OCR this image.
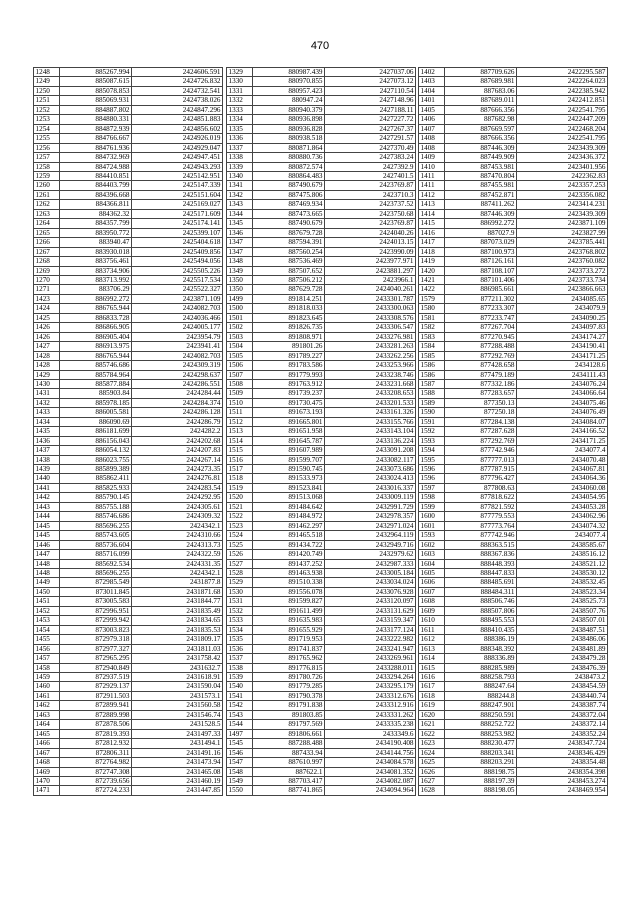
470
1248	885267.994	2424606.591
1249	885087.615	2424726.832
1250	885078.853	2424732.541
1251	885069.931	2424738.026
1252	884887.802	2424847.296
1253	884880.331	2424851.883
1254	884872.939	2424856.602
1255	884766.667	2424926.019
1256	884761.936	2424929.047
1257	884732.969	2424947.451
1258	884724.988	2424943.293
1259	884410.851	2425142.951
1260	884403.799	2425147.339
1261	884396.668	2425151.604
1262	884366.811	2425169.027
1263	884362.32	2425171.609
1264	884357.799	2425174.141
1265	883950.772	2425399.107
1266	883940.47	2425404.618
1267	883930.018	2425409.856
1268	883756.461	2425494.056
1269	883734.906	2425505.226
1270	883713.992	2425517.534
1271	883706.29	2425522.327
1423	886992.272	2423871.109
1424	886765.944	2424082.703
1425	886833.728	2424036.466
1426	886866.905	2424005.177
1426	886905.404	2423954.79
1427	886913.975	2423941.41
1428	886765.944	2424082.703
1428	885746.686	2424309.319
1429	885784.964	2424298.637
1430	885877.884	2424286.551
1431	885903.84	2424284.44
1432	885978.185	2424284.374
1433	886005.581	2424286.128
1434	886090.69	2424286.79
1435	886181.699	2424282.2
1436	886156.043	2424202.68
1437	886054.132	2424207.83
1438	886023.755	2424267.14
1439	885899.389	2424273.35
1440	885862.411	2424276.81
1441	885825.933	2424283.54
1442	885790.145	2424292.95
1443	885755.188	2424305.61
1444	885746.686	2424309.32
1445	885696.255	2424342.1
1445	885743.605	2424310.66
1446	885736.604	2424313.73
1447	885716.099	2424322.59
1448	885692.534	2424331.35
1448	885696.255	2424342.1
1449	872985.549	2431877.8
1450	873011.845	2431871.68
1451	873005.583	2431844.77
1452	872996.951	2431835.49
1453	872999.942	2431834.65
1454	873003.823	2431835.53
1455	872979.318	2431809.17
1456	872977.327	2431811.03
1457	872965.295	2431758.42
1458	872940.849	2431632.7
1459	872937.519	2431618.91
1460	872929.137	2431590.04
1461	872911.503	2431573.1
1462	872899.941	2431560.58
1463	872889.998	2431546.74
1464	872878.506	2431528.5
1465	872819.393	2431497.33
1466	872812.932	2431494.1
1467	872806.311	2431491.16
1468	872764.982	2431473.94
1469	872747.308	2431465.08
1470	872739.656	2431460.19
1471	872724.233	2431447.85
1329	880987.439	2427037.06
1330	880970.855	2427073.12
1331	880957.423	2427110.54
1332	880947.24	2427148.96
1333	880940.379	2427188.11
1334	880936.898	2427227.72
1335	880936.828	2427267.37
1336	880938.518	2427291.57
1337	880871.864	2427370.49
1338	880880.736	2427383.24
1339	880872.574	2427392.9
1340	880864.483	2427401.5
1341	887490.679	2423769.87
1342	887475.806	2423710.3
1343	887469.934	2423737.52
1344	887473.665	2423750.68
1345	887490.679	2423769.87
1346	887679.728	2424040.26
1347	887594.391	2424013.15
1347	887560.254	2423990.09
1348	887536.469	2423977.971
1349	887507.652	2423881.297
1350	887506.212	2423966.1
1350	887629.728	2424040.261
1499	891814.251	2433301.787
1500	891818.033	2433300.063
1501	891823.645	2433308.576
1502	891826.735	2433306.547
1503	891808.971	2433276.981
1504	891801.26	2433281.263
1505	891789.227	2433262.256
1506	891783.586	2433253.966
1507	891779.993	2433238.746
1508	891763.912	2433231.668
1509	891739.237	2433208.653
1510	891730.475	2433201.533
1511	891673.193	2433161.326
1512	891665.801	2433155.766
1513	891651.958	2433143.104
1514	891645.787	2433136.224
1515	891607.989	2433091.208
1516	891599.707	2433082.117
1517	891590.745	2433073.686
1518	891533.973	2433024.413
1519	891523.841	2433016.337
1520	891513.068	2433009.119
1521	891484.642	2432991.729
1522	891484.972	2432978.357
1523	891462.297	2432971.024
1524	891465.518	2432964.119
1525	891434.722	2432949.716
1526	891420.749	2432979.62
1527	891437.252	2432987.333
1528	891463.938	2433005.184
1529	891510.338	2433034.024
1530	891556.078	2433076.928
1531	891599.827	2433120.097
1532	891611.499	2433131.629
1533	891635.983	2433159.347
1534	891655.929	2433177.124
1535	891719.953	2433222.982
1536	891741.837	2433241.947
1537	891765.962	2433269.961
1538	891776.815	2433288.011
1539	891780.726	2433294.264
1540	891779.285	2433295.179
1541	891790.378	2433312.676
1542	891791.838	2433312.916
1543	891803.85	2433331.262
1544	891797.569	2433335.238
1497	891806.661	2433349.6
1545	887288.488	2434190.408
1546	887433.94	2434144.756
1547	887610.997	2434084.578
1548	887622.1	2434081.352
1549	887703.417	2434082.087
1550	887741.865	2434094.964
1402	887709.626	2422295.587
1403	887689.981	2422264.023
1404	887683.06	2422385.942
1401	887689.011	2422412.851
1405	887666.356	2422541.795
1406	887682.98	2422447.209
1407	887669.597	2422468.204
1408	887666.356	2422541.795
1408	887446.309	2423439.309
1409	887449.909	2423436.372
1410	887453.981	2423401.956
1411	887470.804	2422362.83
1411	887455.981	2423357.253
1412	887452.871	2423356.082
1413	887411.262	2423414.231
1414	887446.309	2423439.309
1415	886992.272	2423871.109
1416	887027.9	2423827.99
1417	887073.029	2423785.441
1418	887100.973	2423768.802
1419	887126.161	2423760.082
1420	887108.107	2423733.272
1421	887101.406	2423733.734
1422	886985.661	2423866.663
1579	877211.302	2434085.65
1580	877233.307	2434079.9
1581	877233.747	2434090.25
1582	877267.704	2434097.83
1583	877270.945	2434174.27
1584	877288.488	2434190.41
1585	877292.769	2434171.25
1586	877428.658	2434128.6
1586	877479.189	2434111.43
1587	877332.186	2434076.24
1588	877283.657	2434066.64
1589	877350.13	2434075.46
1590	877250.18	2434076.49
1591	877284.138	2434084.07
1592	877287.628	2434166.52
1593	877292.769	2434171.25
1594	877742.946	2434077.4
1595	877777.013	2434070.48
1596	877787.915	2434067.81
1596	877796.427	2434064.36
1597	877808.63	2434060.08
1598	877818.622	2434054.95
1599	877821.592	2434053.28
1600	877779.553	2434062.96
1601	877773.764	2434074.32
1593	877742.946	2434077.4
1602	888363.515	2438585.67
1603	888367.836	2438516.12
1604	888448.393	2438521.12
1605	888447.833	2438530.12
1606	888485.691	2438532.45
1607	888484.311	2438523.34
1608	888506.746	2438525.73
1609	888507.806	2438507.76
1610	888495.553	2438507.01
1611	888410.435	2438487.51
1612	888386.19	2438486.06
1613	888348.392	2438481.89
1614	888336.89	2438479.28
1615	888285.989	2438476.39
1616	888258.793	2438473.2
1617	888247.64	2438454.59
1618	888244.8	2438440.74
1619	888247.901	2438387.74
1620	888250.591	2438372.04
1621	888252.722	2438372.14
1622	888253.982	2438352.24
1623	888230.477	2438347.724
1624	888203.341	2438346.429
1625	888203.291	2438354.48
1626	888198.75	2438354.398
1627	888197.39	2438453.274
1628	888198.05	2438469.954
